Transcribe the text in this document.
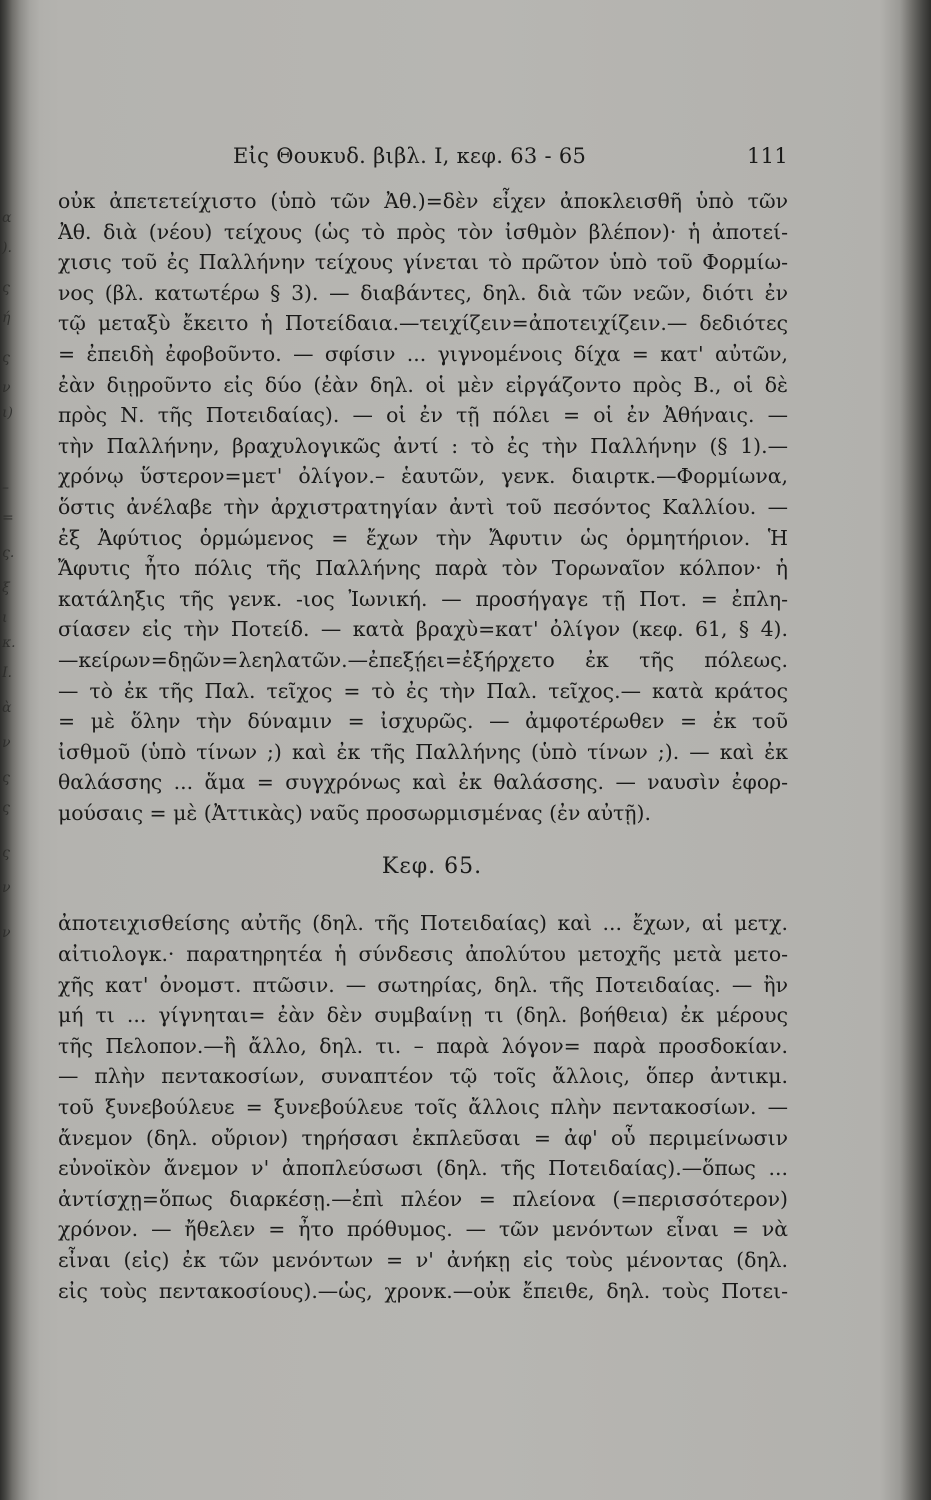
α
).
ς
ή
ς
ν
ι)
–
=
ς.
ξ
ι
κ.
Ι.
ὰ
ν
ς
ς
ς
ν
ν
Εἰς Θουκυδ. βιβλ. Ι, κεφ. 63 - 65	111
οὐκ ἀπετετείχιστο (ὑπὸ τῶν Ἀθ.)=δὲν εἶχεν ἀποκλεισθῆ ὑπὸ τῶν
Ἀθ. διὰ (νέου) τείχους (ὡς τὸ πρὸς τὸν ἰσθμὸν βλέπον)· ἡ ἀποτεί-
χισις τοῦ ἐς Παλλήνην τείχους γίνεται τὸ πρῶτον ὑπὸ τοῦ Φορμίω-
νος (βλ. κατωτέρω § 3). — διαβάντες, δηλ. διὰ τῶν νεῶν, διότι ἐν
τῷ μεταξὺ ἔκειτο ἡ Ποτείδαια.—τειχίζειν=ἀποτειχίζειν.— δεδιότες
= ἐπειδὴ ἐφοβοῦντο. — σφίσιν ... γιγνομένοις δίχα = κατ' αὐτῶν,
ἐὰν διῃροῦντο εἰς δύο (ἐὰν δηλ. οἱ μὲν εἰργάζοντο πρὸς Β., οἱ δὲ
πρὸς Ν. τῆς Ποτειδαίας). — οἱ ἐν τῇ πόλει = οἱ ἐν Ἀθήναις. —
τὴν Παλλήνην, βραχυλογικῶς ἀντί : τὸ ἐς τὴν Παλλήνην (§ 1).—
χρόνῳ ὕστερον=μετ' ὀλίγον.– ἑαυτῶν, γενκ. διαιρτκ.—Φορμίωνα,
ὅστις ἀνέλαβε τὴν ἀρχιστρατηγίαν ἀντὶ τοῦ πεσόντος Καλλίου. —
ἐξ Ἀφύτιος ὁρμώμενος = ἔχων τὴν Ἄφυτιν ὡς ὁρμητήριον. Ἡ
Ἄφυτις ἦτο πόλις τῆς Παλλήνης παρὰ τὸν Τορωναῖον κόλπον· ἡ
κατάληξις τῆς γενκ. -ιος Ἰωνική. — προσήγαγε τῇ Ποτ. = ἐπλη-
σίασεν εἰς τὴν Ποτείδ. — κατὰ βραχὺ=κατ' ὀλίγον (κεφ. 61, § 4).
—κείρων=δῃῶν=λεηλατῶν.—ἐπεξῄει=ἐξήρχετο ἐκ τῆς πόλεως.
— τὸ ἐκ τῆς Παλ. τεῖχος = τὸ ἐς τὴν Παλ. τεῖχος.— κατὰ κράτος
= μὲ ὅλην τὴν δύναμιν = ἰσχυρῶς. — ἀμφοτέρωθεν = ἐκ τοῦ
ἰσθμοῦ (ὑπὸ τίνων ;) καὶ ἐκ τῆς Παλλήνης (ὑπὸ τίνων ;). — καὶ ἐκ
θαλάσσης ... ἅμα = συγχρόνως καὶ ἐκ θαλάσσης. — ναυσὶν ἐφορ-
μούσαις = μὲ (Ἀττικὰς) ναῦς προσωρμισμένας (ἐν αὐτῇ).
Κεφ. 65.
ἀποτειχισθείσης αὐτῆς (δηλ. τῆς Ποτειδαίας) καὶ ... ἔχων, αἱ μετχ.
αἰτιολογκ.· παρατηρητέα ἡ σύνδεσις ἀπολύτου μετοχῆς μετὰ μετο-
χῆς κατ' ὀνομστ. πτῶσιν. — σωτηρίας, δηλ. τῆς Ποτειδαίας. — ἢν
μή τι ... γίγνηται= ἐὰν δὲν συμβαίνῃ τι (δηλ. βοήθεια) ἐκ μέρους
τῆς Πελοπον.—ἢ ἄλλο, δηλ. τι. – παρὰ λόγον= παρὰ προσδοκίαν.
— πλὴν πεντακοσίων, συναπτέον τῷ τοῖς ἄλλοις, ὅπερ ἀντικμ.
τοῦ ξυνεβούλευε = ξυνεβούλευε τοῖς ἄλλοις πλὴν πεντακοσίων. —
ἄνεμον (δηλ. οὔριον) τηρήσασι ἐκπλεῦσαι = ἀφ' οὗ περιμείνωσιν
εὐνοϊκὸν ἄνεμον ν' ἀποπλεύσωσι (δηλ. τῆς Ποτειδαίας).—ὅπως ...
ἀντίσχῃ=ὅπως διαρκέσῃ.—ἐπὶ πλέον = πλείονα (=περισσότερον)
χρόνον. — ἤθελεν = ἦτο πρόθυμος. — τῶν μενόντων εἶναι = νὰ
εἶναι (εἰς) ἐκ τῶν μενόντων = ν' ἀνήκῃ εἰς τοὺς μένοντας (δηλ.
εἰς τοὺς πεντακοσίους).—ὡς, χρονκ.—οὐκ ἔπειθε, δηλ. τοὺς Ποτει-
